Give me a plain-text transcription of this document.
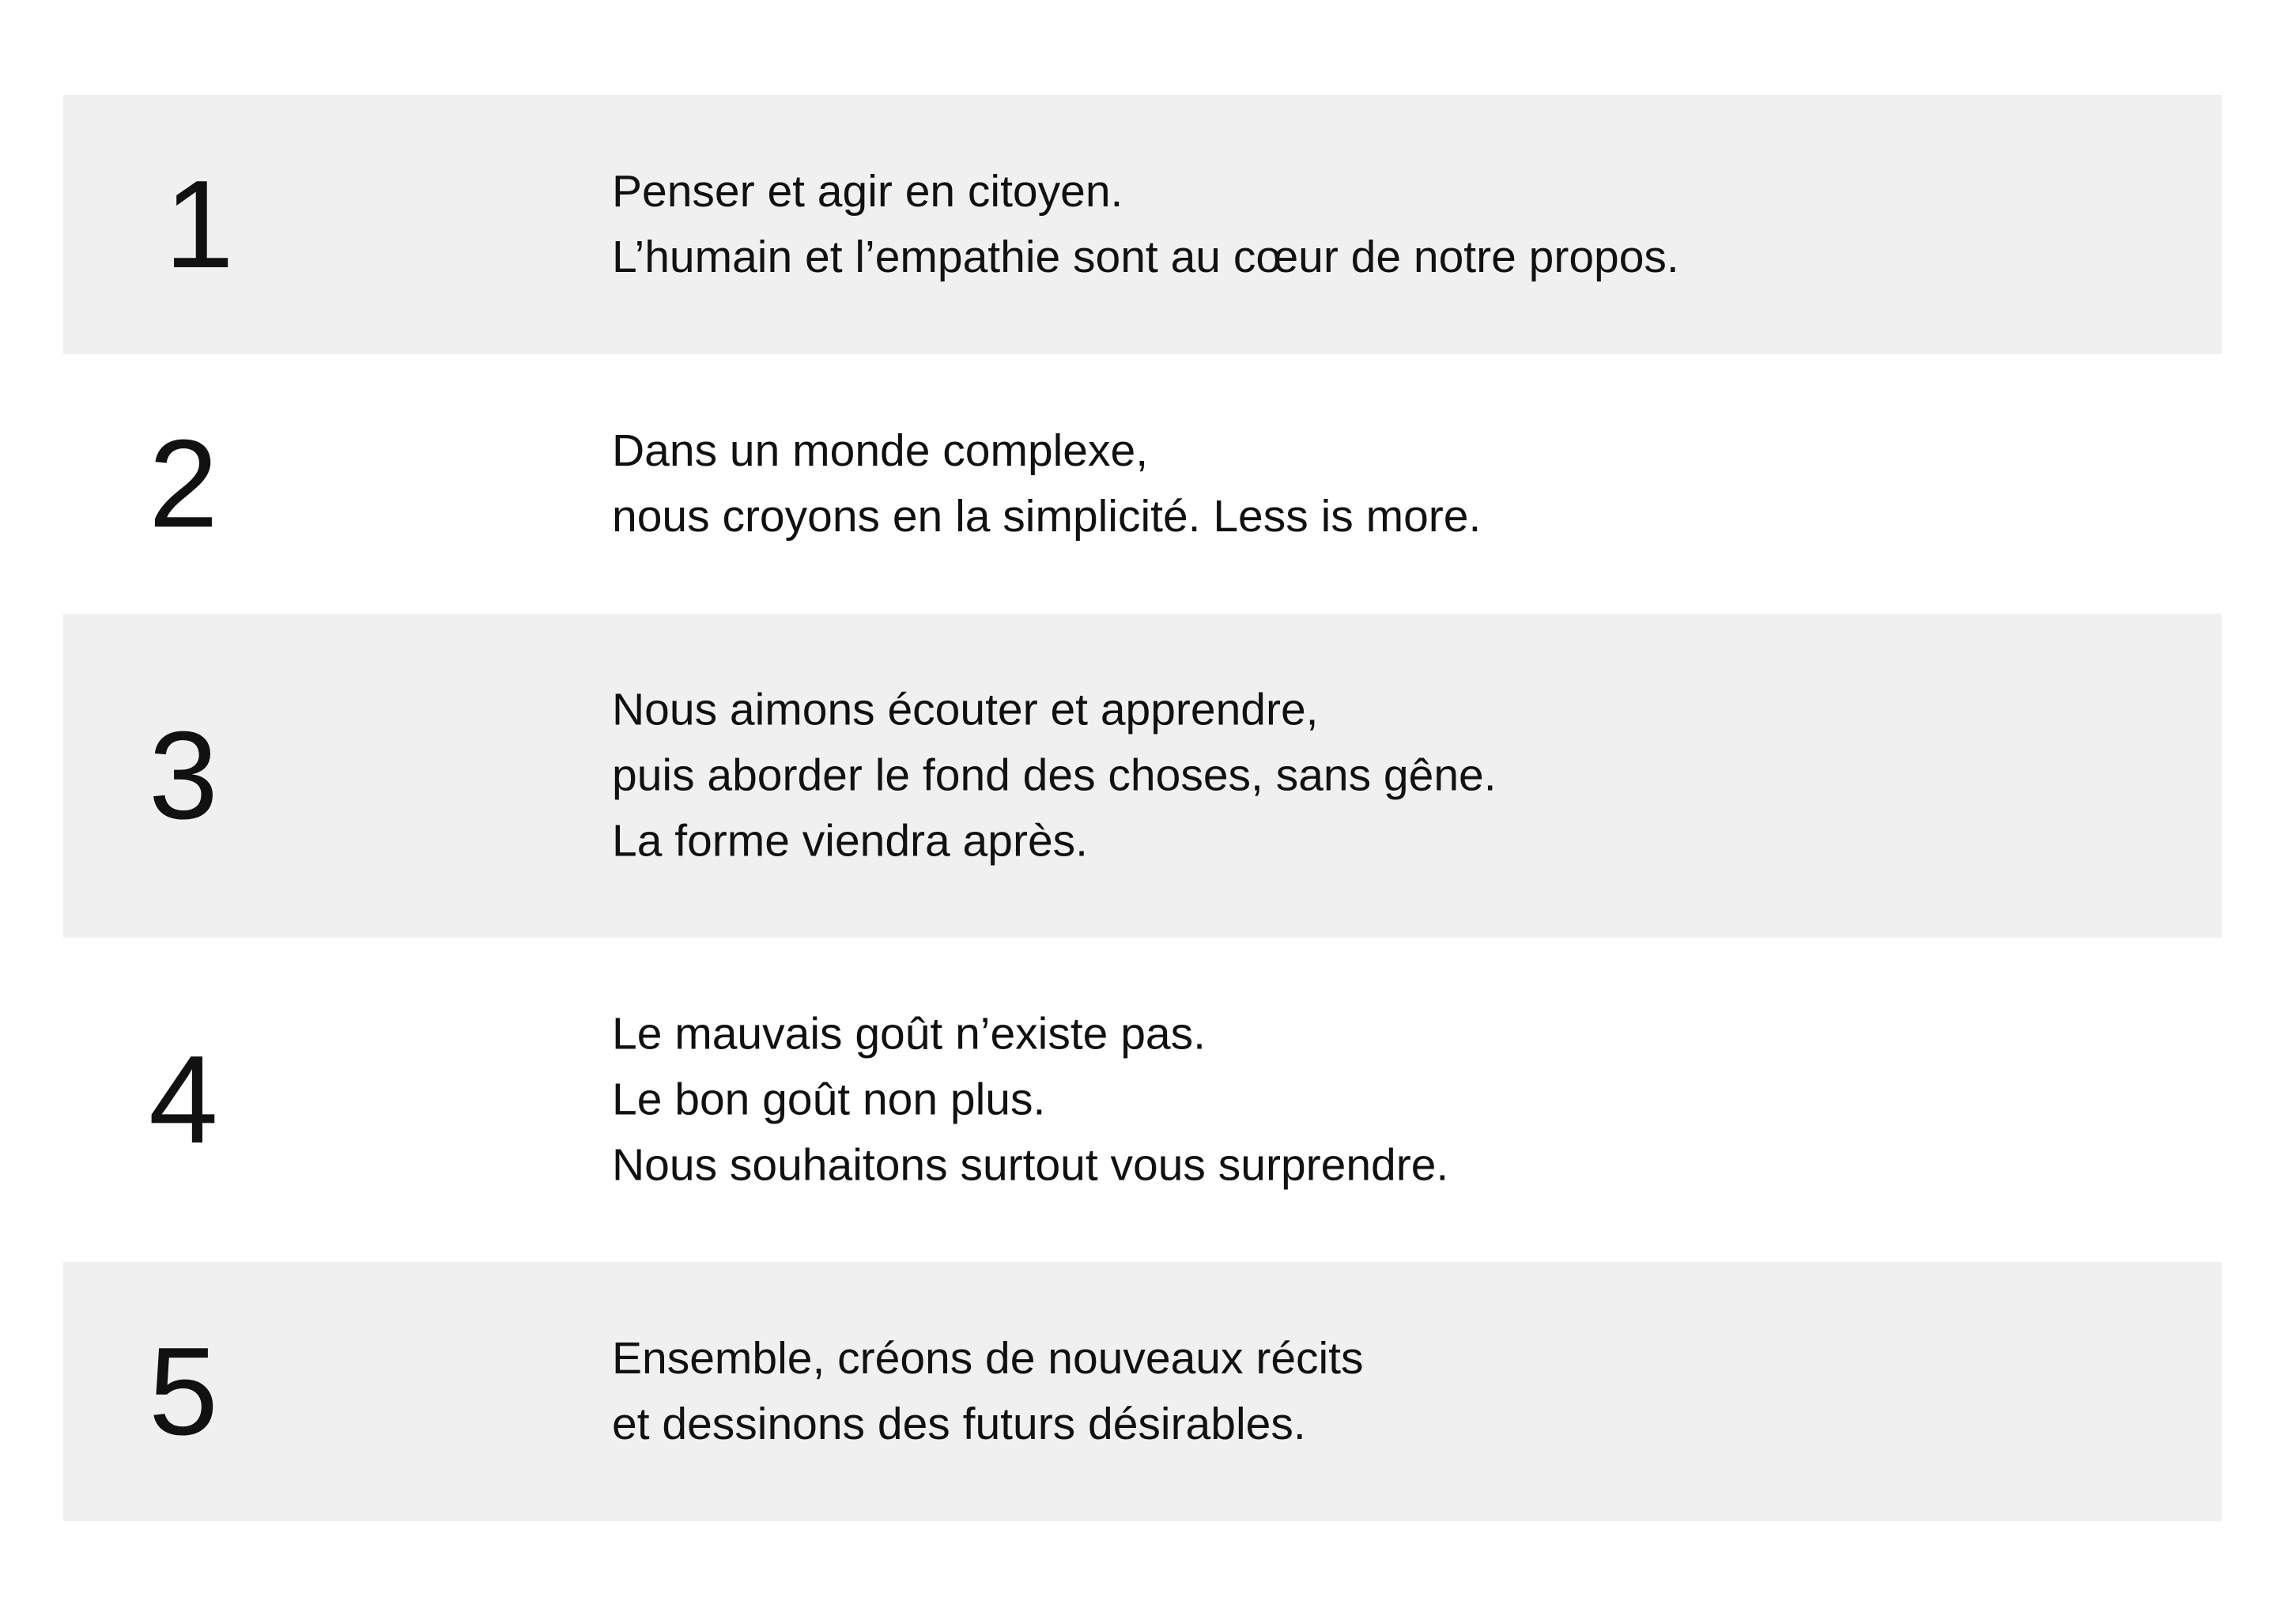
1	Penser et agir en citoyen.
L’humain et l’empathie sont au cœur de notre propos.
2	Dans un monde complexe,
nous croyons en la simplicité. Less is more.
3	Nous aimons écouter et apprendre,
puis aborder le fond des choses, sans gêne.
La forme viendra après.
4	Le mauvais goût n’existe pas.
Le bon goût non plus.
Nous souhaitons surtout vous surprendre.
5	Ensemble, créons de nouveaux récits
et dessinons des futurs désirables.
